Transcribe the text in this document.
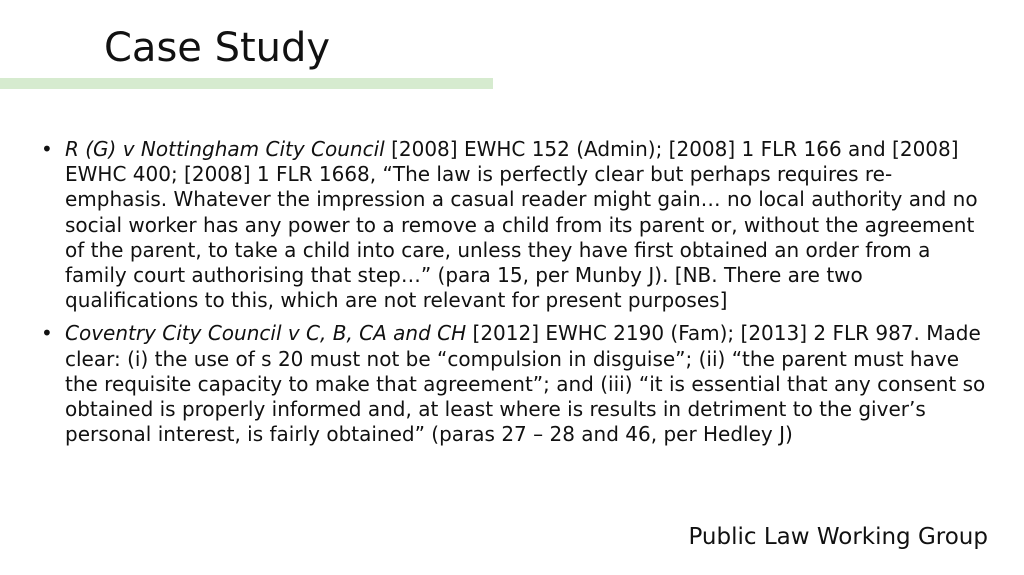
Case Study
• R (G) v Nottingham City Council [2008] EWHC 152 (Admin); [2008] 1 FLR 166 and [2008] EWHC 400; [2008] 1 FLR 1668, “The law is perfectly clear but perhaps requires re-emphasis. Whatever the impression a casual reader might gain… no local authority and no social worker has any power to a remove a child from its parent or, without the agreement of the parent, to take a child into care, unless they have first obtained an order from a family court authorising that step…” (para 15, per Munby J). [NB. There are two qualifications to this, which are not relevant for present purposes]
• Coventry City Council v C, B, CA and CH [2012] EWHC 2190 (Fam); [2013] 2 FLR 987. Made clear: (i) the use of s 20 must not be “compulsion in disguise”; (ii) “the parent must have the requisite capacity to make that agreement”; and (iii) “it is essential that any consent so obtained is properly informed and, at least where is results in detriment to the giver’s personal interest, is fairly obtained” (paras 27 – 28 and 46, per Hedley J)
Public Law Working Group
